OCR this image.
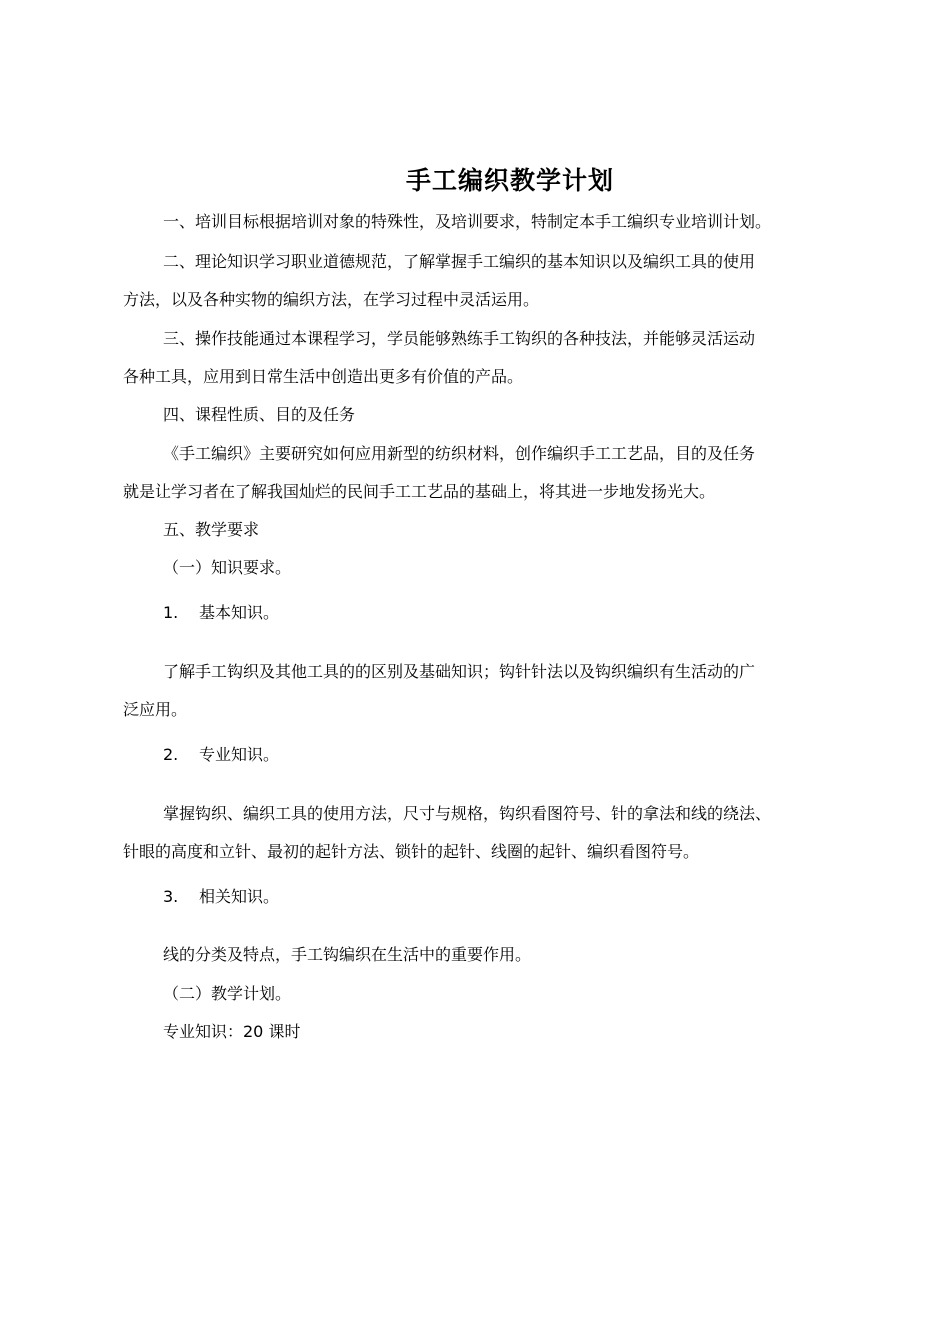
手工编织教学计划
一、培训目标根据培训对象的特殊性，及培训要求，特制定本手工编织专业培训计划。
二、理论知识学习职业道德规范，了解掌握手工编织的基本知识以及编织工具的使用
方法，以及各种实物的编织方法，在学习过程中灵活运用。
三、操作技能通过本课程学习，学员能够熟练手工钩织的各种技法，并能够灵活运动
各种工具，应用到日常生活中创造出更多有价值的产品。
四、课程性质、目的及任务
《手工编织》主要研究如何应用新型的纺织材料，创作编织手工工艺品，目的及任务
就是让学习者在了解我国灿烂的民间手工工艺品的基础上，将其进一步地发扬光大。
五、教学要求
（一）知识要求。
1. 基本知识。
了解手工钩织及其他工具的的区别及基础知识；钩针针法以及钩织编织有生活动的广
泛应用。
2. 专业知识。
掌握钩织、编织工具的使用方法，尺寸与规格，钩织看图符号、针的拿法和线的绕法、
针眼的高度和立针、最初的起针方法、锁针的起针、线圈的起针、编织看图符号。
3. 相关知识。
线的分类及特点，手工钩编织在生活中的重要作用。
（二）教学计划。
专业知识：20 课时
